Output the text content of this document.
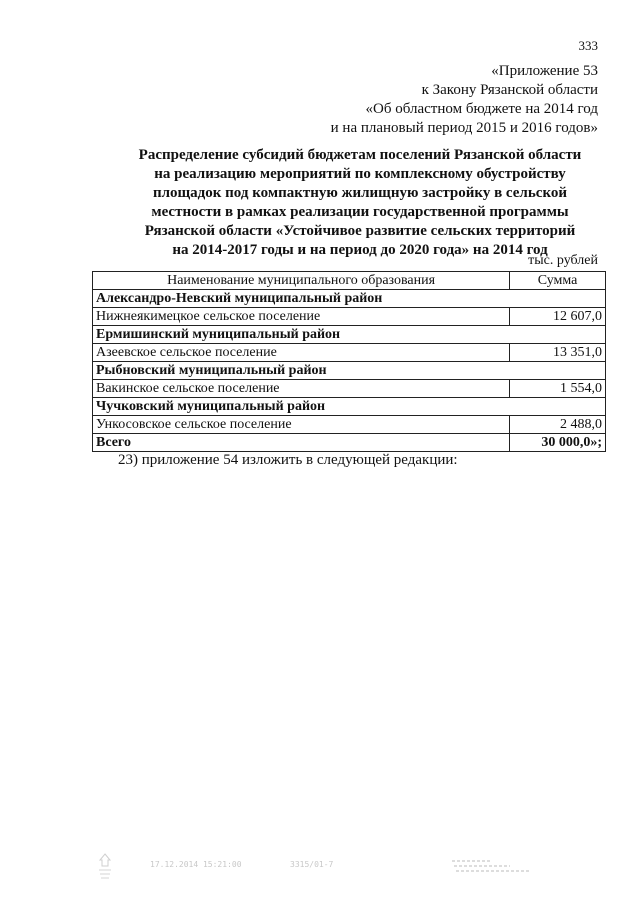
333
«Приложение 53
к Закону Рязанской области
«Об областном бюджете на 2014 год
и на плановый период 2015 и 2016 годов»
Распределение субсидий бюджетам поселений Рязанской области
на реализацию мероприятий по комплексному обустройству
площадок под компактную жилищную застройку в сельской
местности в рамках реализации государственной программы
Рязанской области «Устойчивое развитие сельских территорий
на 2014-2017 годы и на период до 2020 года» на 2014 год
тыс. рублей
Наименование муниципального образования	Сумма
Александро-Невский муниципальный район	
Нижнеякимецкое сельское поселение	12 607,0
Ермишинский муниципальный район	
Азеевское сельское поселение	13 351,0
Рыбновский муниципальный район	
Вакинское сельское поселение	1 554,0
Чучковский муниципальный район	
Ункосовское сельское поселение	2 488,0
Всего	30 000,0»;
23) приложение 54 изложить в следующей редакции:
17.12.2014 15:21:00	3315/01-7
